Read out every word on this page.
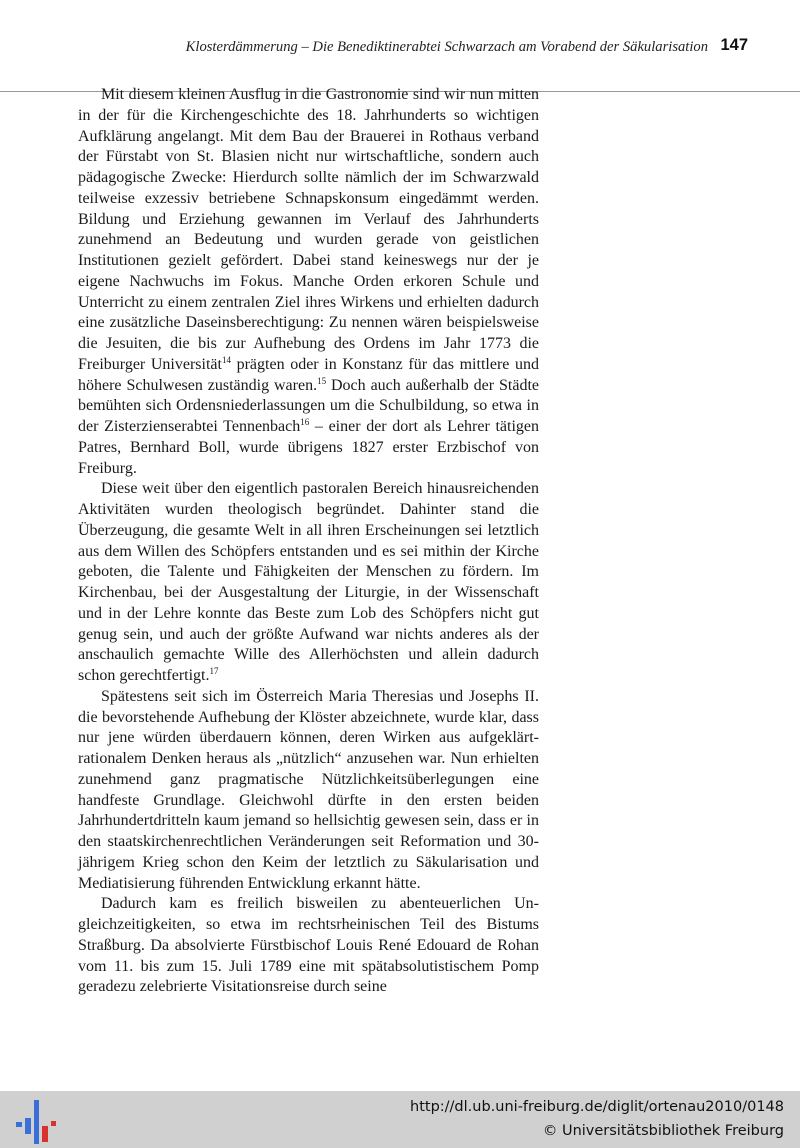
Klosterdämmerung – Die Benediktinerabtei Schwarzach am Vorabend der Säkularisation 147

Mit diesem kleinen Ausflug in die Gastronomie sind wir nun mitten in der für die Kirchengeschichte des 18. Jahrhunderts so wichtigen Aufklärung angelangt. Mit dem Bau der Brauerei in Rothaus verband der Fürstabt von St. Blasien nicht nur wirtschaftliche, sondern auch pädagogische Zwecke: Hierdurch sollte nämlich der im Schwarzwald teilweise exzessiv betriebene Schnapskonsum eingedämmt werden. Bildung und Erziehung gewannen im Verlauf des Jahrhunderts zunehmend an Bedeutung und wurden gerade von geistlichen Institutionen gezielt gefördert. Dabei stand keineswegs nur der je eigene Nachwuchs im Fokus. Manche Orden erkoren Schule und Unterricht zu einem zentralen Ziel ihres Wirkens und erhielten dadurch eine zusätzliche Daseinsberechtigung: Zu nennen wären beispielsweise die Jesuiten, die bis zur Aufhebung des Ordens im Jahr 1773 die Freiburger Universität$^{14}$ prägten oder in Konstanz für das mittlere und höhere Schulwesen zuständig waren.$^{15}$ Doch auch außerhalb der Städte bemühten sich Ordensniederlassungen um die Schulbildung, so etwa in der Zisterzienserabtei Tennenbach$^{16}$ – einer der dort als Lehrer tätigen Patres, Bernhard Boll, wurde übrigens 1827 erster Erzbischof von Freiburg.

Diese weit über den eigentlich pastoralen Bereich hinausreichenden Aktivitäten wurden theologisch begründet. Dahinter stand die Überzeugung, die gesamte Welt in all ihren Erscheinungen sei letztlich aus dem Willen des Schöpfers entstanden und es sei mithin der Kirche geboten, die Talente und Fähigkeiten der Menschen zu fördern. Im Kirchenbau, bei der Ausgestaltung der Liturgie, in der Wissenschaft und in der Lehre konnte das Beste zum Lob des Schöpfers nicht gut genug sein, und auch der größte Aufwand war nichts anderes als der anschaulich gemachte Wille des Allerhöchsten und allein dadurch schon gerechtfertigt.$^{17}$

Spätestens seit sich im Österreich Maria Theresias und Josephs II. die bevorstehende Aufhebung der Klöster abzeichnete, wurde klar, dass nur jene würden überdauern können, deren Wirken aus aufgeklärt-rationalem Denken heraus als „nützlich“ anzusehen war. Nun erhielten zunehmend ganz pragmatische Nützlichkeitsüberlegungen eine handfeste Grundlage. Gleichwohl dürfte in den ersten beiden Jahrhundertdritteln kaum jemand so hellsichtig gewesen sein, dass er in den staatskirchenrechtlichen Veränderungen seit Reformation und 30-jährigem Krieg schon den Keim der letztlich zu Säkularisation und Mediatisierung führenden Entwicklung erkannt hätte.

Dadurch kam es freilich bisweilen zu abenteuerlichen Ungleichzeitigkeiten, so etwa im rechtsrheinischen Teil des Bistums Straßburg. Da absolvierte Fürstbischof Louis René Edouard de Rohan vom 11. bis zum 15. Juli 1789 eine mit spätabsolutistischem Pomp geradezu zelebrierte Visitationsreise durch seine

http://dl.ub.uni-freiburg.de/diglit/ortenau2010/0148
© Universitätsbibliothek Freiburg
